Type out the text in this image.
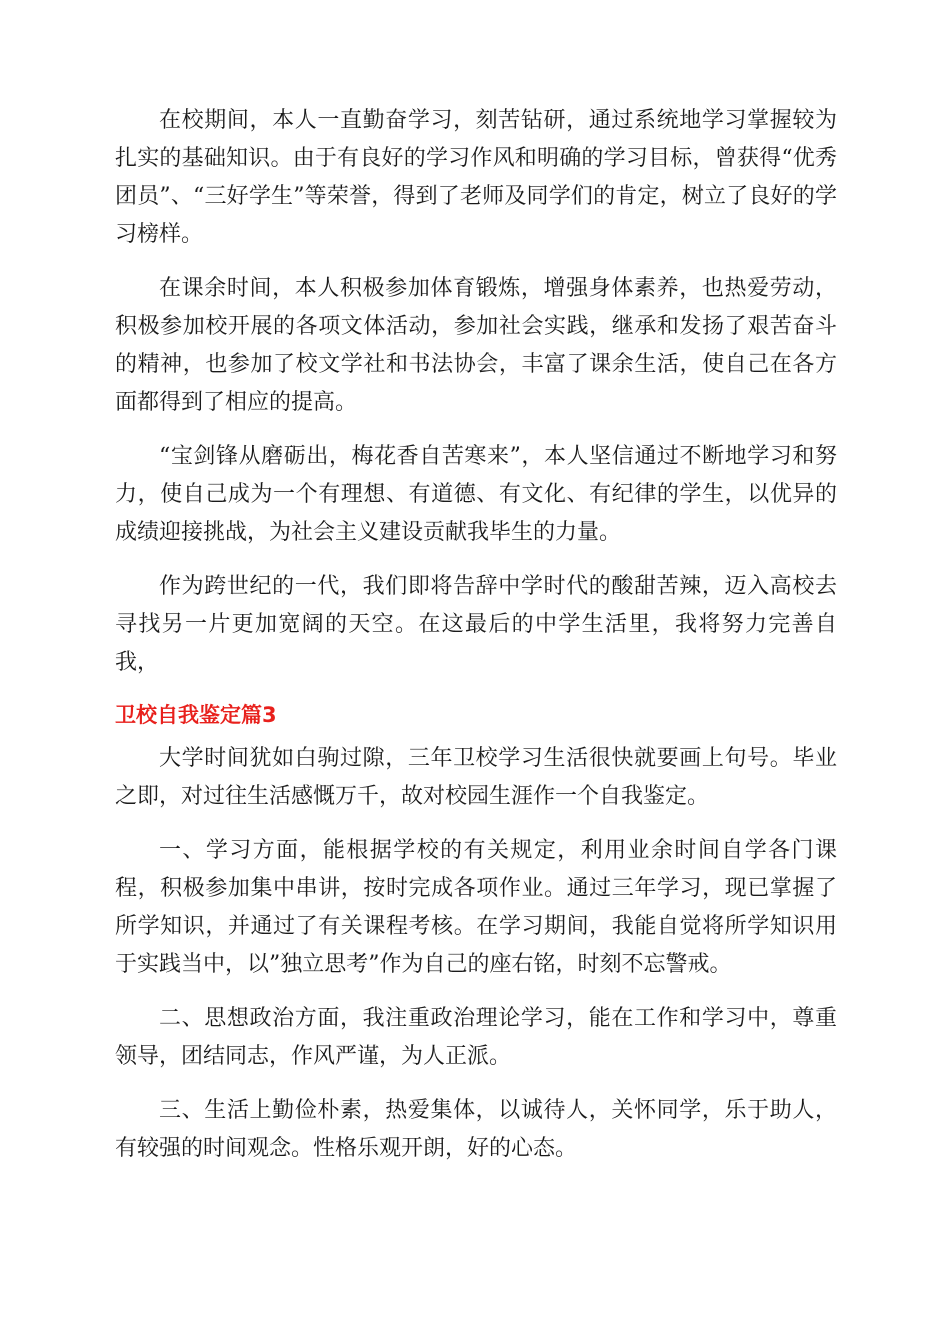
在校期间，本人一直勤奋学习，刻苦钻研，通过系统地学习掌握较为扎实的基础知识。由于有良好的学习作风和明确的学习目标，曾获得“优秀团员”、“三好学生”等荣誉，得到了老师及同学们的肯定，树立了良好的学习榜样。

在课余时间，本人积极参加体育锻炼，增强身体素养，也热爱劳动，积极参加校开展的各项文体活动，参加社会实践，继承和发扬了艰苦奋斗的精神，也参加了校文学社和书法协会，丰富了课余生活，使自己在各方面都得到了相应的提高。

“宝剑锋从磨砺出，梅花香自苦寒来”，本人坚信通过不断地学习和努力，使自己成为一个有理想、有道德、有文化、有纪律的学生，以优异的成绩迎接挑战，为社会主义建设贡献我毕生的力量。

作为跨世纪的一代，我们即将告辞中学时代的酸甜苦辣，迈入高校去寻找另一片更加宽阔的天空。在这最后的中学生活里，我将努力完善自我，

卫校自我鉴定篇3

大学时间犹如白驹过隙，三年卫校学习生活很快就要画上句号。毕业之即，对过往生活感慨万千，故对校园生涯作一个自我鉴定。

一、学习方面，能根据学校的有关规定，利用业余时间自学各门课程，积极参加集中串讲，按时完成各项作业。通过三年学习，现已掌握了所学知识，并通过了有关课程考核。在学习期间，我能自觉将所学知识用于实践当中，以”独立思考”作为自己的座右铭，时刻不忘警戒。

二、思想政治方面，我注重政治理论学习，能在工作和学习中，尊重领导，团结同志，作风严谨，为人正派。

三、生活上勤俭朴素，热爱集体，以诚待人，关怀同学，乐于助人，有较强的时间观念。性格乐观开朗，好的心态。
